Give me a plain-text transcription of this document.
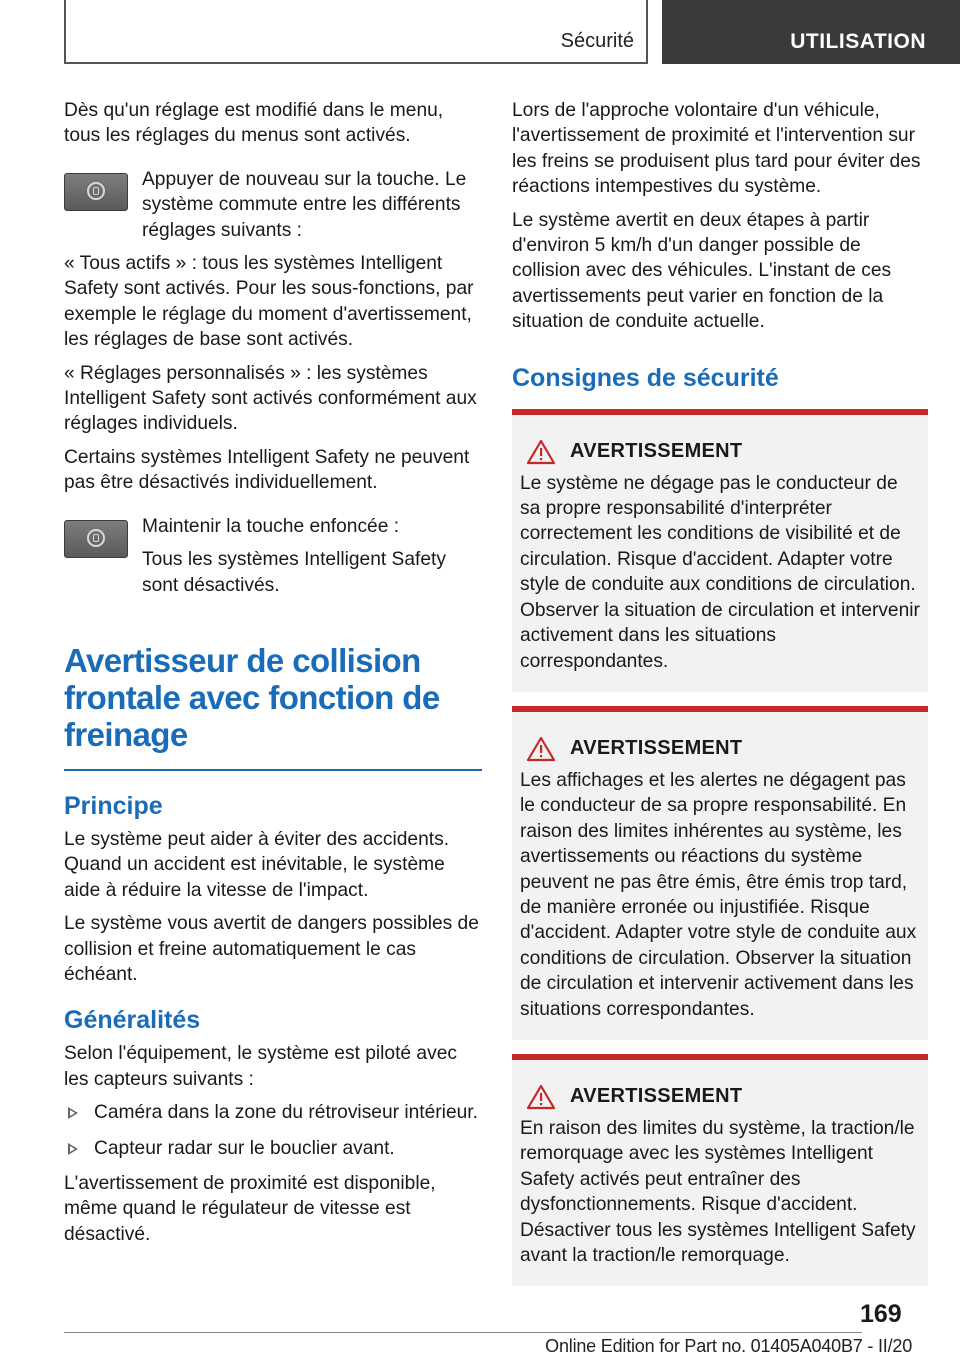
Sécurité	UTILISATION

Dès qu'un réglage est modifié dans le menu, tous les réglages du menus sont activés.

Appuyer de nouveau sur la touche. Le système commute entre les différents réglages suivants :

« Tous actifs » : tous les systèmes Intelligent Safety sont activés. Pour les sous-fonctions, par exemple le réglage du moment d'avertissement, les réglages de base sont activés.

« Réglages personnalisés » : les systèmes Intelligent Safety sont activés conformément aux réglages individuels.

Certains systèmes Intelligent Safety ne peuvent pas être désactivés individuellement.

Maintenir la touche enfoncée :

Tous les systèmes Intelligent Safety sont désactivés.

Avertisseur de collision frontale avec fonction de freinage
Principe

Le système peut aider à éviter des accidents. Quand un accident est inévitable, le système aide à réduire la vitesse de l'impact.

Le système vous avertit de dangers possibles de collision et freine automatiquement le cas échéant.

Généralités

Selon l'équipement, le système est piloté avec les capteurs suivants :

Caméra dans la zone du rétroviseur intérieur.
Capteur radar sur le bouclier avant.

L'avertissement de proximité est disponible, même quand le régulateur de vitesse est désactivé.

Lors de l'approche volontaire d'un véhicule, l'avertissement de proximité et l'intervention sur les freins se produisent plus tard pour éviter des réactions intempestives du système.

Le système avertit en deux étapes à partir d'environ 5 km/h d'un danger possible de collision avec des véhicules. L'instant de ces avertissements peut varier en fonction de la situation de conduite actuelle.

Consignes de sécurité
AVERTISSEMENT

Le système ne dégage pas le conducteur de sa propre responsabilité d'interpréter correctement les conditions de visibilité et de circulation. Risque d'accident. Adapter votre style de conduite aux conditions de circulation. Observer la situation de circulation et intervenir activement dans les situations correspondantes.

AVERTISSEMENT

Les affichages et les alertes ne dégagent pas le conducteur de sa propre responsabilité. En raison des limites inhérentes au système, les avertissements ou réactions du système peuvent ne pas être émis, être émis trop tard, de manière erronée ou injustifiée. Risque d'accident. Adapter votre style de conduite aux conditions de circulation. Observer la situation de circulation et intervenir activement dans les situations correspondantes.

AVERTISSEMENT

En raison des limites du système, la traction/le remorquage avec les systèmes Intelligent Safety activés peut entraîner des dysfonctionnements. Risque d'accident. Désactiver tous les systèmes Intelligent Safety avant la traction/le remorquage.

169
Online Edition for Part no. 01405A040B7 - II/20
